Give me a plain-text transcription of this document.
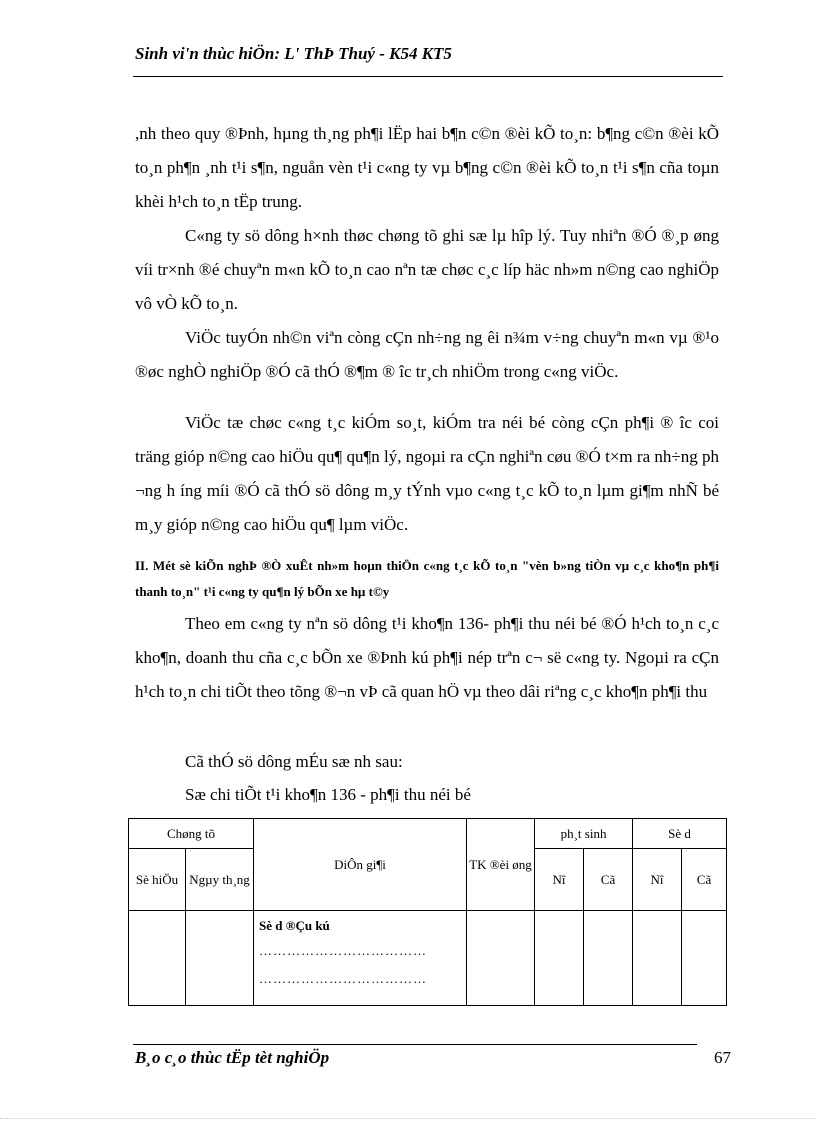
Sinh vi'n thùc hiÖn: L' ThÞ Thuý - K54 KT5

,nh theo quy ®Þnh, hµng th¸ng ph¶i lËp hai b¶n c©n ®èi kÕ to¸n: b¶ng c©n ®èi kÕ to¸n ph¶n ¸nh t¹i s¶n, nguån vèn t¹i c«ng ty vµ b¶ng c©n ®èi kÕ to¸n t¹i s¶n cña toµn khèi h¹ch to¸n tËp trung.

C«ng ty sö dông h×nh thøc chøng tõ ghi sæ lµ hîp lý. Tuy nhiªn ®Ó ®¸p øng víi tr×nh ®é chuyªn m«n kÕ to¸n cao nªn tæ chøc c¸c líp häc nh»m n©ng cao nghiÖp vô vÒ kÕ to¸n.

ViÖc tuyÓn nh©n viªn còng cÇn nh÷ng ng êi n¾m v÷ng chuyªn m«n vµ ®¹o ®øc nghÒ nghiÖp ®Ó cã thÓ ®¶m ® îc tr¸ch nhiÖm trong c«ng viÖc.

ViÖc tæ chøc c«ng t¸c kiÓm so¸t, kiÓm tra néi bé còng cÇn ph¶i ® îc coi träng gióp n©ng cao hiÖu qu¶ qu¶n lý, ngoµi ra cÇn nghiªn cøu ®Ó t×m ra nh÷ng ph ¬ng h íng míi ®Ó cã thÓ sö dông m¸y tÝnh vµo c«ng t¸c kÕ to¸n lµm gi¶m nhÑ bé m¸y gióp n©ng cao hiÖu qu¶ lµm viÖc.

II. Mét sè kiÕn nghÞ ®Ò xuÊt nh»m hoµn thiÖn c«ng t¸c kÕ to¸n "vèn b»ng tiÒn vµ c¸c kho¶n ph¶i thanh to¸n" t¹i c«ng ty qu¶n lý bÕn xe hµ t©y

Theo em c«ng ty nªn sö dông t¹i kho¶n 136- ph¶i thu néi bé ®Ó h¹ch to¸n c¸c kho¶n, doanh thu cña c¸c bÕn xe ®Þnh kú ph¶i nép trªn c¬ së c«ng ty. Ngoµi ra cÇn h¹ch to¸n chi tiÕt theo tõng ®¬n vÞ cã quan hÖ vµ theo dâi riªng c¸c kho¶n ph¶i thu

Cã thÓ sö dông mÉu sæ nh sau:

Sæ chi tiÕt t¹i kho¶n 136 - ph¶i thu néi bé

Chøng tõ		DiÔn gi¶i	TK ®èi øng	ph¸t sinh		Sè d	
Sè hiÖu	Ngµy th¸ng			Nî	Cã	Nî	Cã

		Sè d ®Çu kú
………………………………
………………………………					

B¸o c¸o thùc tËp tèt nghiÖp	67
